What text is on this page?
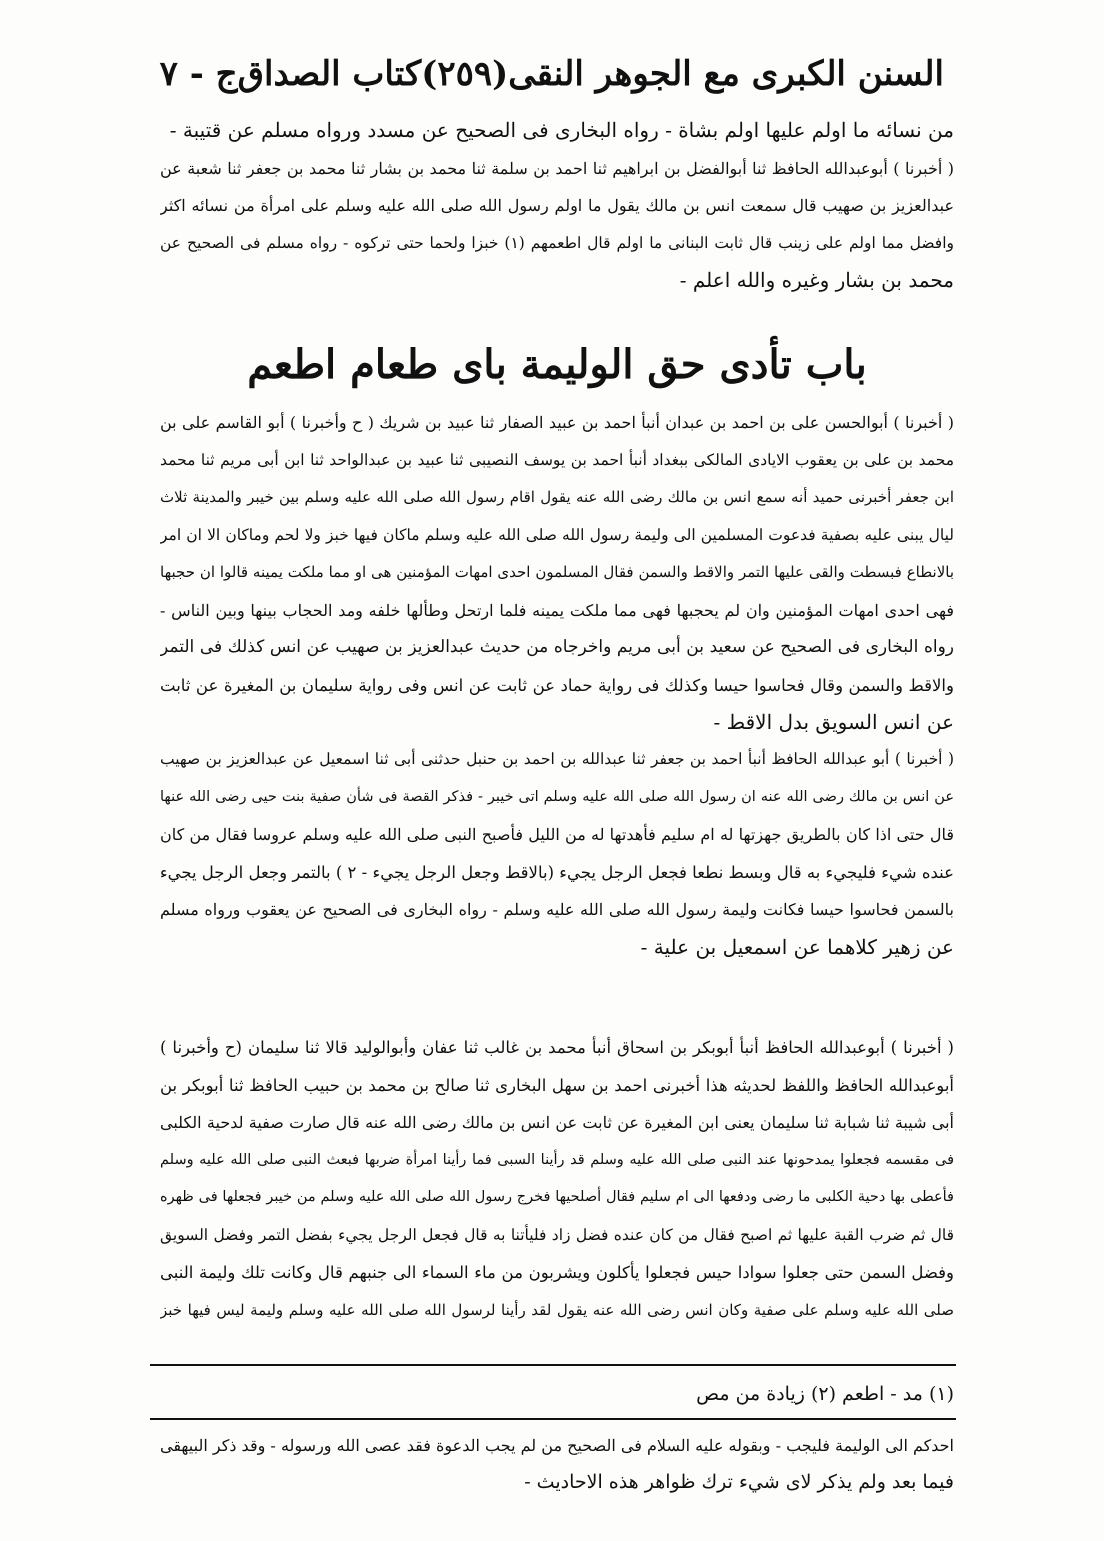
السنن الكبرى مع الجوهر النقى
(٢٥٩)
كتاب الصداق
ج - ٧
من نسائه ما اولم عليها اولم بشاة - رواه البخارى فى الصحيح عن مسدد ورواه مسلم عن قتيبة -
( أخبرنا ) أبوعبدالله الحافظ ثنا أبوالفضل بن ابراهيم ثنا احمد بن سلمة ثنا محمد بن بشار ثنا محمد بن جعفر ثنا شعبة عن
عبدالعزيز بن صهيب قال سمعت انس بن مالك يقول ما اولم رسول الله صلى الله عليه وسلم على امرأة من نسائه اكثر
وافضل مما اولم على زينب قال ثابت البنانى ما اولم قال اطعمهم (١) خبزا ولحما حتى تركوه - رواه مسلم فى الصحيح عن
محمد بن بشار وغيره والله اعلم -
باب تأدى حق الوليمة باى طعام اطعم
( أخبرنا ) أبوالحسن على بن احمد بن عبدان أنبأ احمد بن عبيد الصفار ثنا عبيد بن شريك ( ح وأخبرنا ) أبو القاسم على بن
محمد بن على بن يعقوب الايادى المالكى ببغداد أنبأ احمد بن يوسف النصيبى ثنا عبيد بن عبدالواحد ثنا ابن أبى مريم ثنا محمد
ابن جعفر أخبرنى حميد أنه سمع انس بن مالك رضى الله عنه يقول اقام رسول الله صلى الله عليه وسلم بين خيبر والمدينة ثلاث
ليال يبنى عليه بصفية فدعوت المسلمين الى وليمة رسول الله صلى الله عليه وسلم ماكان فيها خبز ولا لحم وماكان الا ان امر
بالانطاع فبسطت والقى عليها التمر والاقط والسمن فقال المسلمون احدى امهات المؤمنين هى او مما ملكت يمينه قالوا ان حجبها
فهى احدى امهات المؤمنين وان لم يحجبها فهى مما ملكت يمينه فلما ارتحل وطألها خلفه ومد الحجاب بينها وبين الناس -
رواه البخارى فى الصحيح عن سعيد بن أبى مريم واخرجاه من حديث عبدالعزيز بن صهيب عن انس كذلك فى التمر
والاقط والسمن وقال فحاسوا حيسا وكذلك فى رواية حماد عن ثابت عن انس وفى رواية سليمان بن المغيرة عن ثابت
عن انس السويق بدل الاقط -
( أخبرنا ) أبو عبدالله الحافظ أنبأ احمد بن جعفر ثنا عبدالله بن احمد بن حنبل حدثنى أبى ثنا اسمعيل عن عبدالعزيز بن صهيب
عن انس بن مالك رضى الله عنه ان رسول الله صلى الله عليه وسلم اتى خيبر - فذكر القصة فى شأن صفية بنت حيى رضى الله عنها
قال حتى اذا كان بالطريق جهزتها له ام سليم فأهدتها له من الليل فأصبح النبى صلى الله عليه وسلم عروسا فقال من كان
عنده شيء فليجيء به قال وبسط نطعا فجعل الرجل يجيء (بالاقط وجعل الرجل يجيء - ٢ ) بالتمر وجعل الرجل يجيء
بالسمن فحاسوا حيسا فكانت وليمة رسول الله صلى الله عليه وسلم - رواه البخارى فى الصحيح عن يعقوب ورواه مسلم
عن زهير كلاهما عن اسمعيل بن علية -
( أخبرنا ) أبوعبدالله الحافظ أنبأ أبوبكر بن اسحاق أنبأ محمد بن غالب ثنا عفان وأبوالوليد قالا ثنا سليمان (ح وأخبرنا )
أبوعبدالله الحافظ واللفظ لحديثه هذا أخبرنى احمد بن سهل البخارى ثنا صالح بن محمد بن حبيب الحافظ ثنا أبوبكر بن
أبى شيبة ثنا شبابة ثنا سليمان يعنى ابن المغيرة عن ثابت عن انس بن مالك رضى الله عنه قال صارت صفية لدحية الكلبى
فى مقسمه فجعلوا يمدحونها عند النبى صلى الله عليه وسلم قد رأينا السبى فما رأينا امرأة ضربها فبعث النبى صلى الله عليه وسلم
فأعطى بها دحية الكلبى ما رضى ودفعها الى ام سليم فقال أصلحيها فخرج رسول الله صلى الله عليه وسلم من خيبر فجعلها فى ظهره
قال ثم ضرب القبة عليها ثم اصبح فقال من كان عنده فضل زاد فليأتنا به قال فجعل الرجل يجيء بفضل التمر وفضل السويق
وفضل السمن حتى جعلوا سوادا حيس فجعلوا يأكلون ويشربون من ماء السماء الى جنبهم قال وكانت تلك وليمة النبى
صلى الله عليه وسلم على صفية وكان انس رضى الله عنه يقول لقد رأينا لرسول الله صلى الله عليه وسلم وليمة ليس فيها خبز
(١) مد - اطعم (٢) زيادة من مص
احدكم الى الوليمة فليجب - وبقوله عليه السلام فى الصحيح من لم يجب الدعوة فقد عصى الله ورسوله - وقد ذكر البيهقى
فيما بعد ولم يذكر لاى شيء ترك ظواهر هذه الاحاديث -
